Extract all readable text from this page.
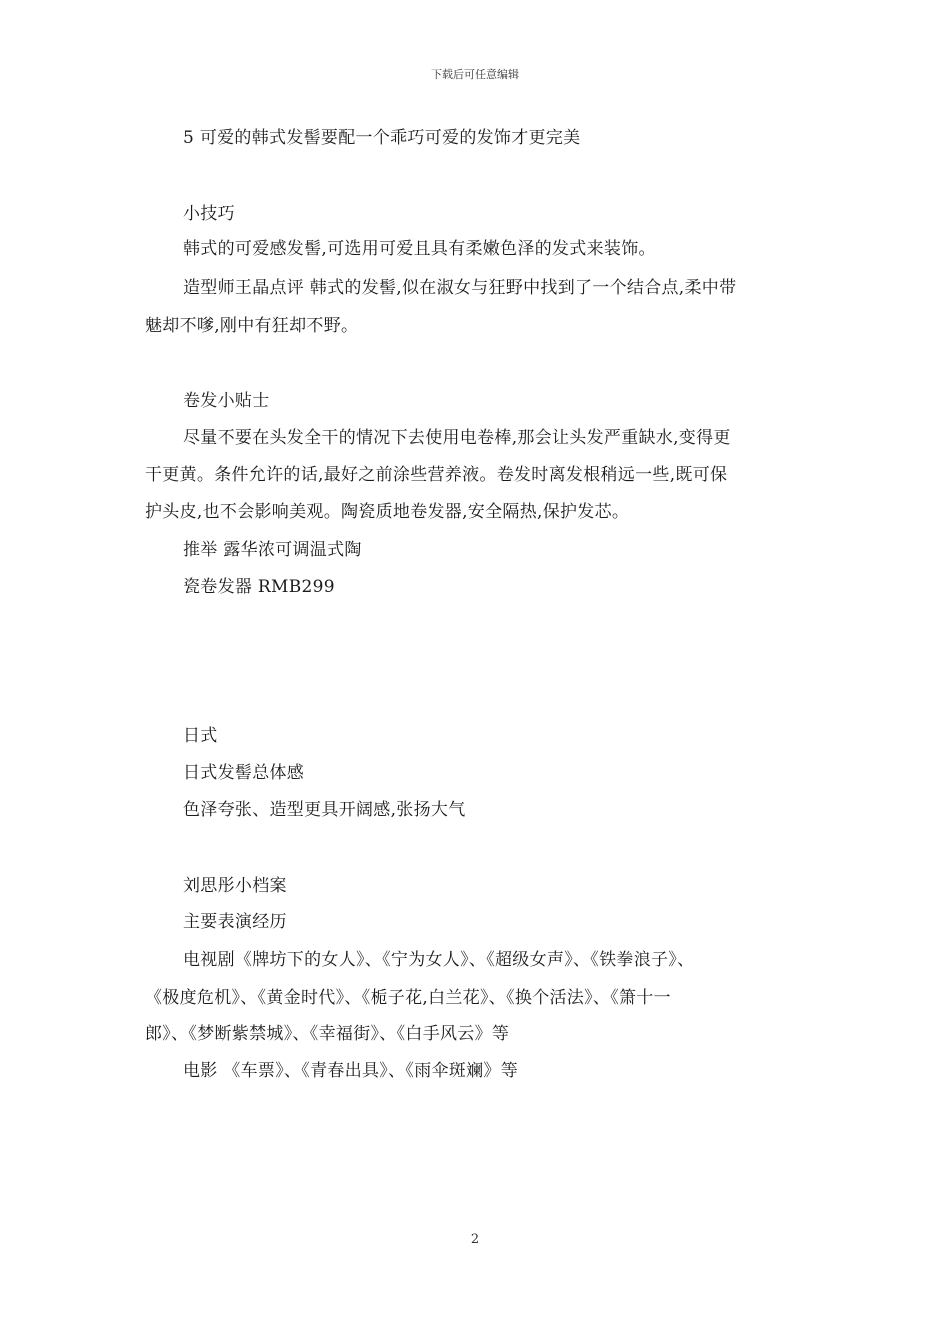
下载后可任意编辑
5 可爱的韩式发髻要配一个乖巧可爱的发饰才更完美
小技巧
韩式的可爱感发髻,可选用可爱且具有柔嫩色泽的发式来装饰。
造型师王晶点评 韩式的发髻,似在淑女与狂野中找到了一个结合点,柔中带
魅却不嗲,刚中有狂却不野。
卷发小贴士
尽量不要在头发全干的情况下去使用电卷棒,那会让头发严重缺水,变得更
干更黄。条件允许的话,最好之前涂些营养液。卷发时离发根稍远一些,既可保
护头皮,也不会影响美观。陶瓷质地卷发器,安全隔热,保护发芯。
推举 露华浓可调温式陶
瓷卷发器 RMB299
日式
日式发髻总体感
色泽夸张、造型更具开阔感,张扬大气
刘思彤小档案
主要表演经历
电视剧《牌坊下的女人》、《宁为女人》、《超级女声》、《铁拳浪子》、
《极度危机》、《黄金时代》、《栀子花,白兰花》、《换个活法》、《箫十一
郎》、《梦断紫禁城》、《幸福街》、《白手风云》等
电影 《车票》、《青春出具》、《雨伞斑斓》等
2
